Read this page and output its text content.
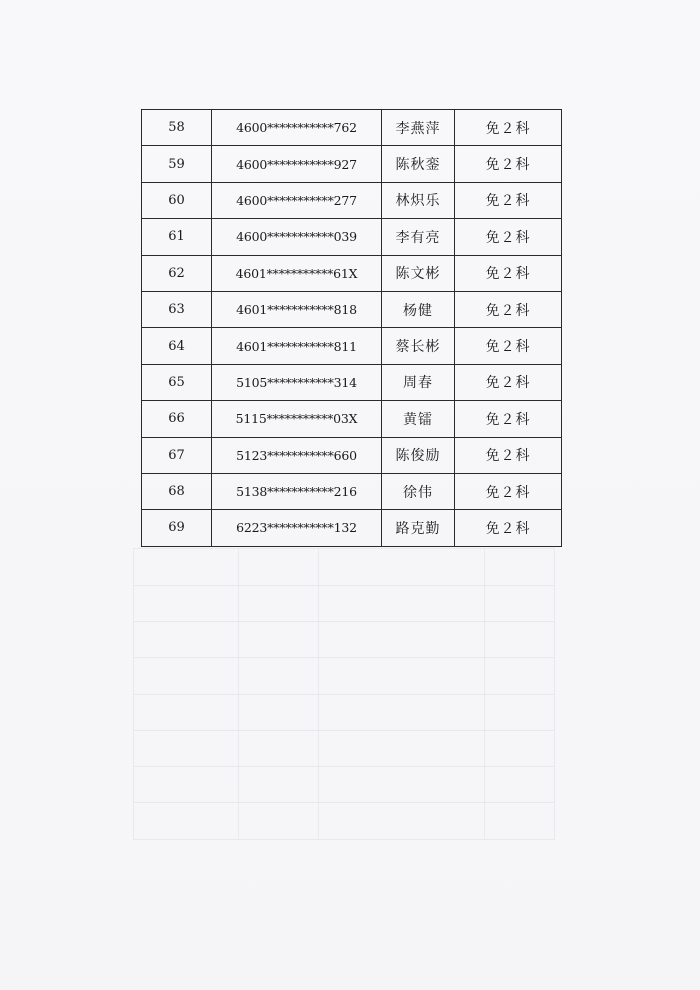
58	4600***********762	李燕萍	免２科
59	4600***********927	陈秋銮	免２科
60	4600***********277	林炽乐	免２科
61	4600***********039	李有亮	免２科
62	4601***********61X	陈文彬	免２科
63	4601***********818	杨健	免２科
64	4601***********811	蔡长彬	免２科
65	5105***********314	周春	免２科
66	5115***********03X	黄镭	免２科
67	5123***********660	陈俊励	免２科
68	5138***********216	徐伟	免２科
69	6223***********132	路克勤	免２科
